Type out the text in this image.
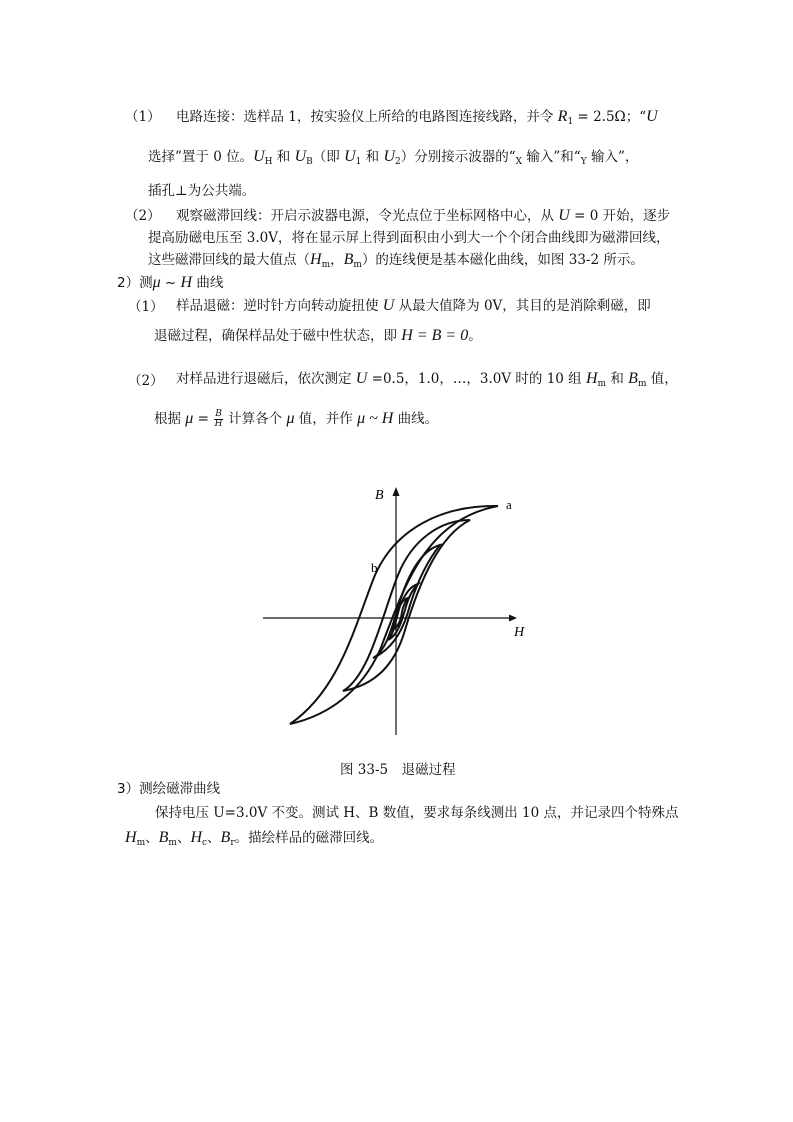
（1） 电路连接：选样品 1，按实验仪上所给的电路图连接线路，并令 $R_1 = 2.5\Omega$；“U
选择”置于 0 位。$U_H$ 和 $U_B$（即 $U_1$ 和 $U_2$）分别接示波器的“$_X$ 输入”和“$_Y$ 输入”，
插孔⊥为公共端。
（2） 观察磁滞回线：开启示波器电源，令光点位于坐标网格中心，从 U = 0 开始，逐步
提高励磁电压至 3.0V，将在显示屏上得到面积由小到大一个个闭合曲线即为磁滞回线，
这些磁滞回线的最大值点（$H_m$，$B_m$）的连线便是基本磁化曲线，如图 33-2 所示。
2）测μ ~ H 曲线
（1） 样品退磁：逆时针方向转动旋扭使 U 从最大值降为 0V，其目的是消除剩磁，即
退磁过程，确保样品处于磁中性状态，即 H = B = 0。
（2） 对样品进行退磁后，依次测定 U =0.5，1.0，…，3.0V 时的 10 组 $H_m$ 和 $B_m$ 值，
根据 $\mu = \frac{B}{H}$ 计算各个 μ 值，并作 μ ~ H 曲线。
B
H
a
b
图 33-5　退磁过程
3）测绘磁滞曲线
保持电压 U=3.0V 不变。测试 H、B 数值，要求每条线测出 10 点，并记录四个特殊点
$H_m$、$B_m$、$H_c$、$B_r$。描绘样品的磁滞回线。
